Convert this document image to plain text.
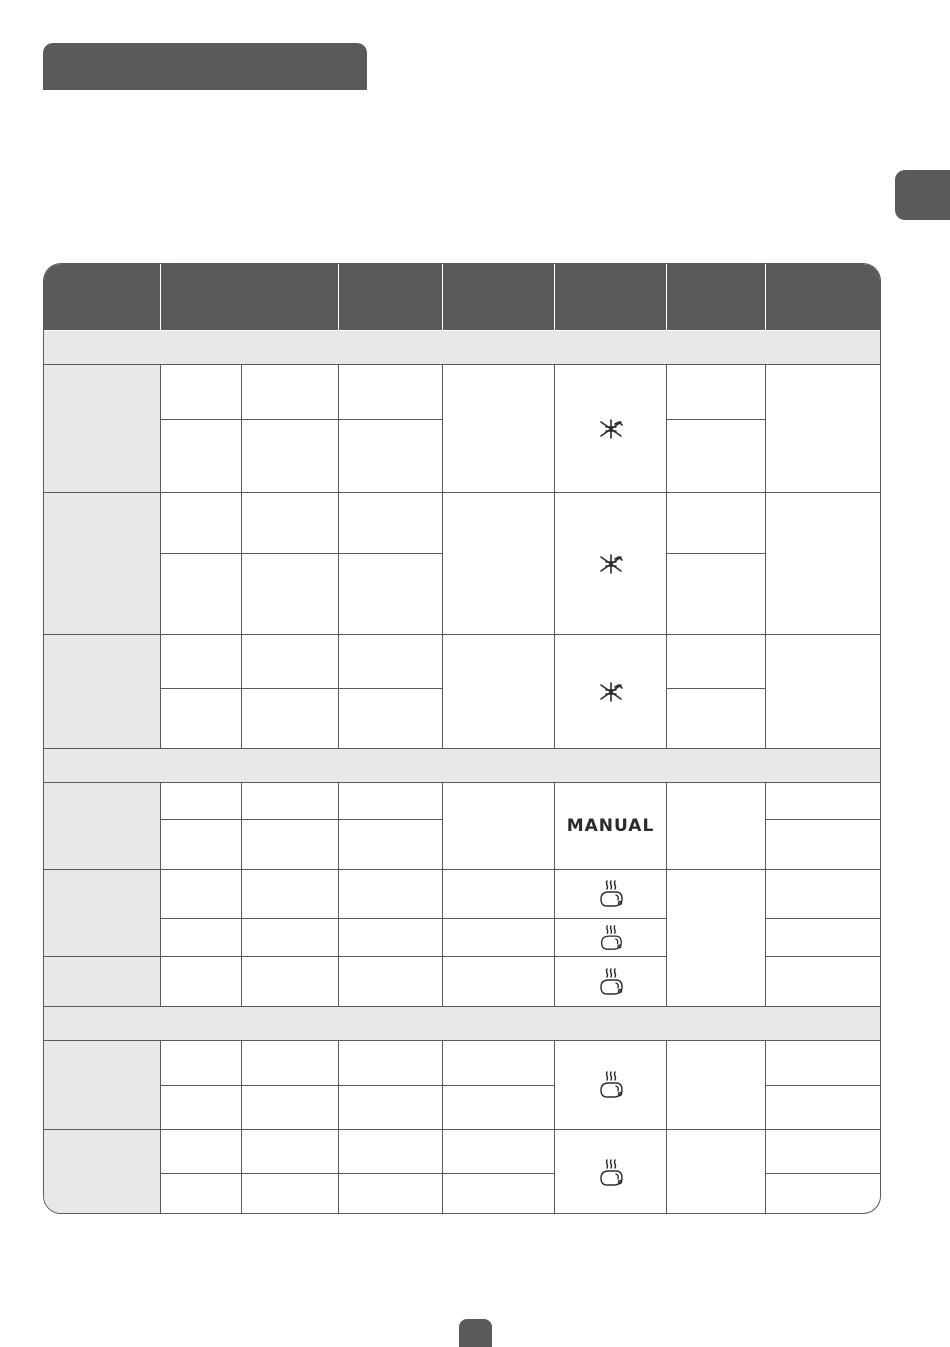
MANUAL
